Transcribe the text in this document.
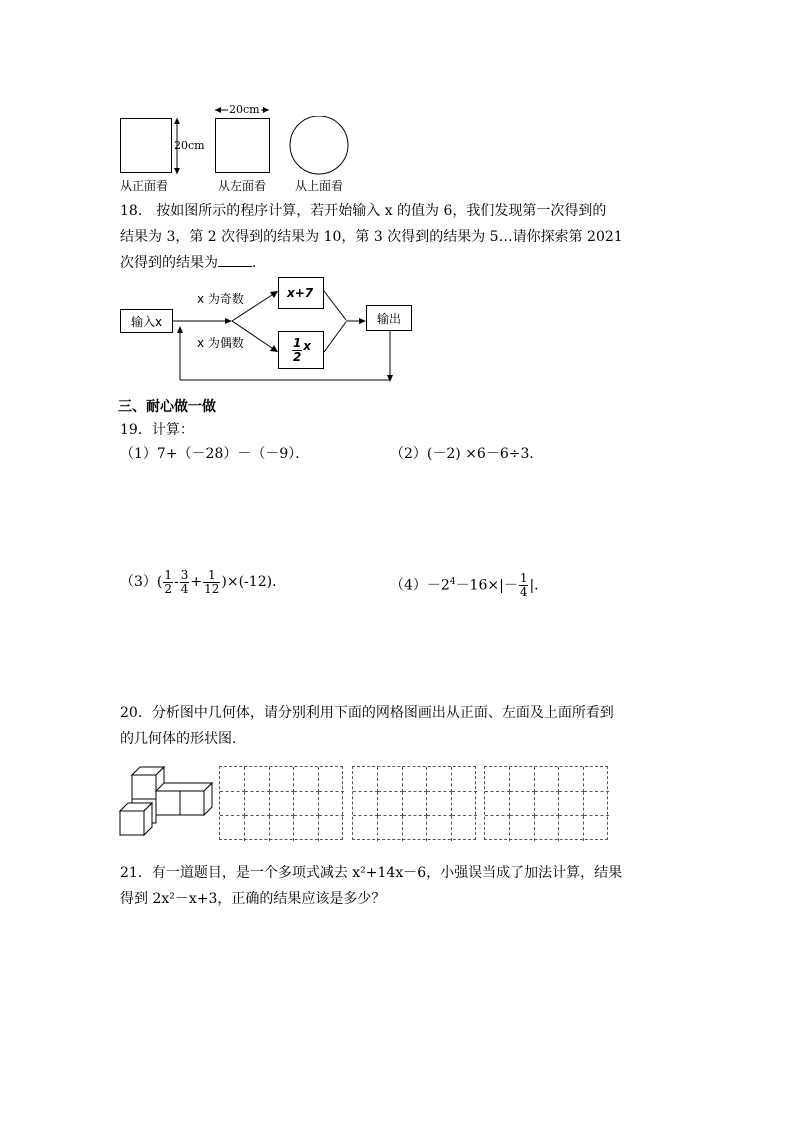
20cm
20cm
从正面看	从左面看 从上面看
18.　按如图所示的程序计算，若开始输入 x 的值为 6，我们发现第一次得到的
结果为 3，第 2 次得到的结果为 10，第 3 次得到的结果为 5…请你探索第 2021
次得到的结果为 ．
输入x
x 为奇数
x 为偶数
x+7
$\frac{1}{2}$ x
输出
三、耐心做一做
19．计算：
（1）7+（－28）－（－9）．	（2）(－2) ×6－6÷3．
$(3)( \frac{1}{2} - \frac{3}{4} + \frac{1}{12} )\times(-12)$．	$(4)-2^4-16\times|- \frac{1}{4}$ |．
20．分析图中几何体，请分别利用下面的网格图画出从正面、左面及上面所看到
的几何体的形状图．
21．有一道题目，是一个多项式减去 x²+14x－6，小强误当成了加法计算，结果
得到 2x²－x+3，正确的结果应该是多少？
